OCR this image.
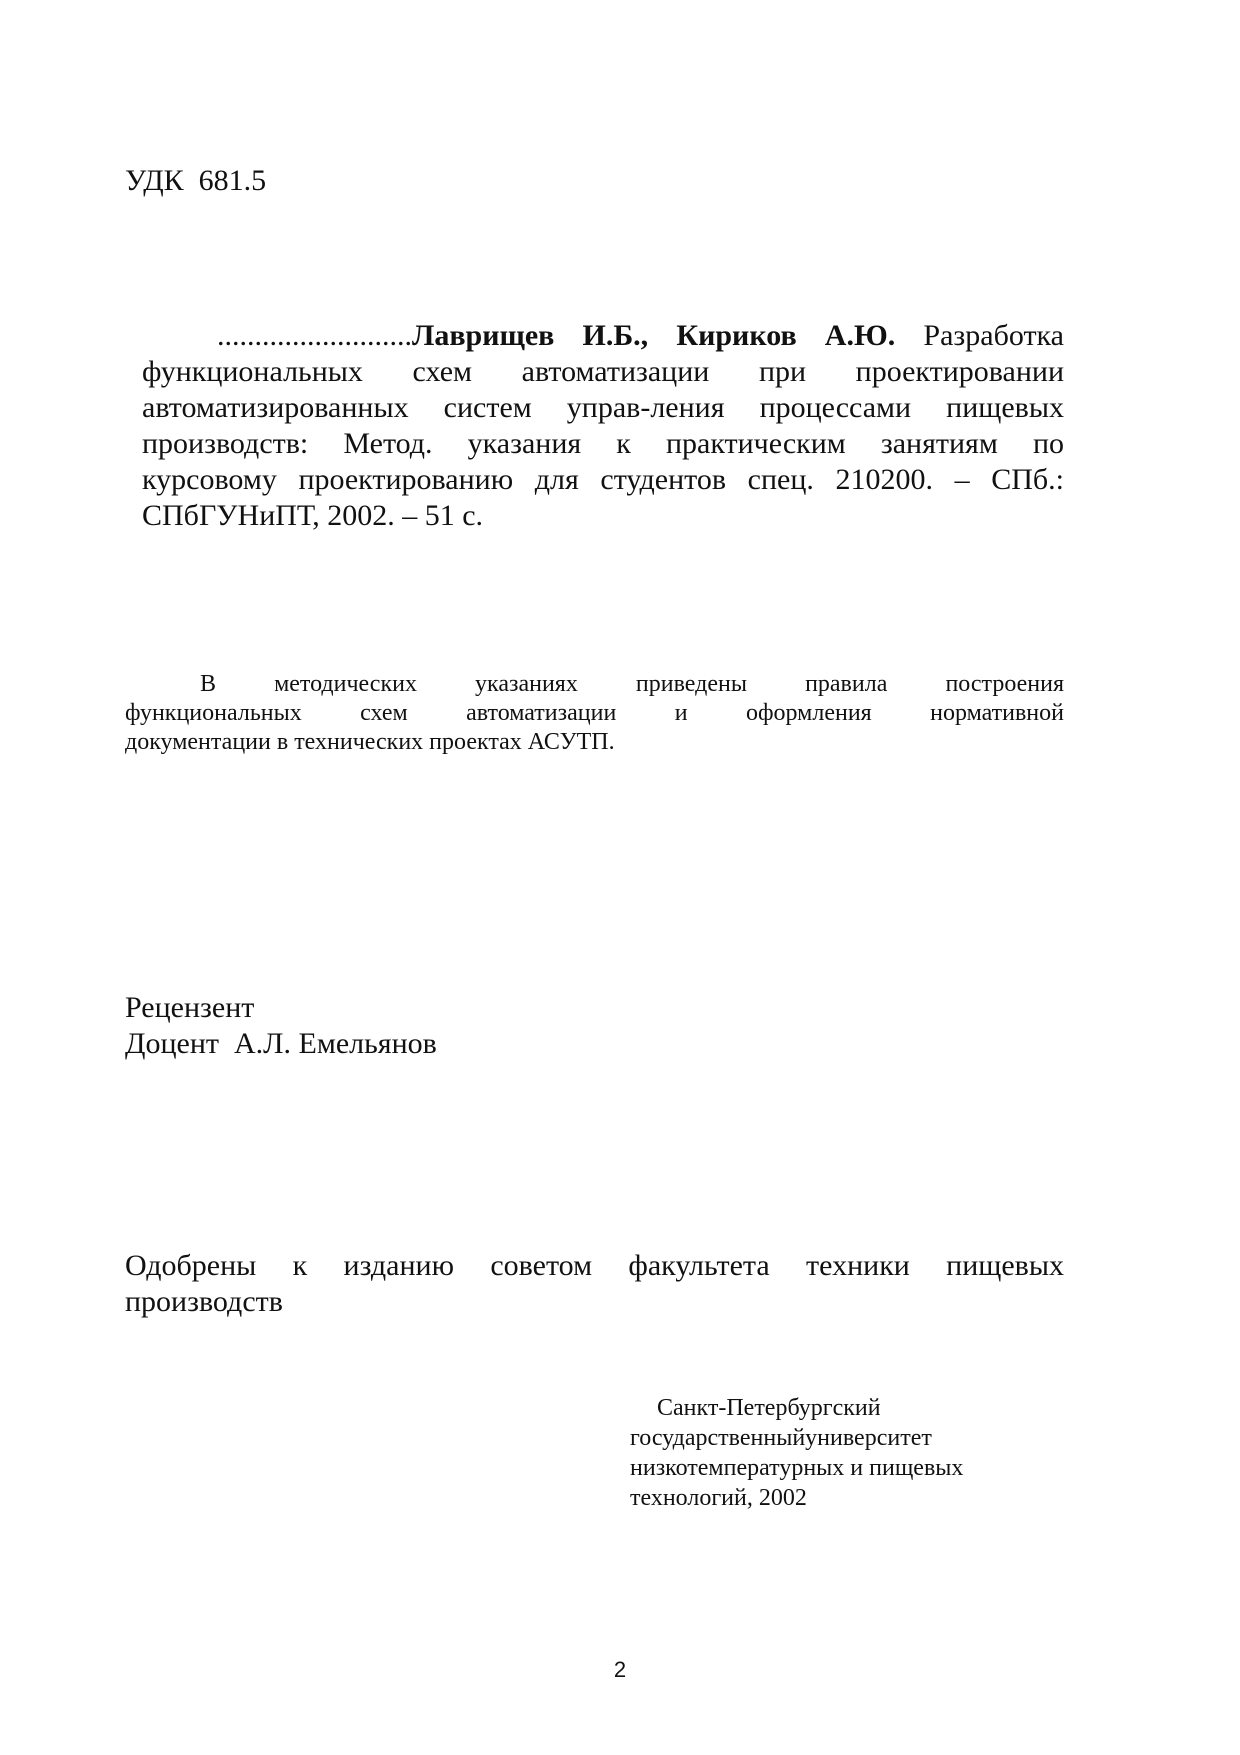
УДК  681.5
..........................Лаврищев И.Б., Кириков А.Ю. Разработка
функциональных схем автоматизации при проектировании
автоматизированных систем управ-ления процессами пищевых
производств: Метод. указания к практическим занятиям по
курсовому проектированию для студентов спец. 210200. – СПб.:
СПбГУНиПТ, 2002. – 51 с.
В методических указаниях приведены правила построения
функциональных схем автоматизации и оформления нормативной
документации в технических проектах АСУТП.
Рецензент
Доцент  А.Л. Емельянов
Одобрены к изданию советом факультета техники пищевых
производств
Санкт-Петербургский
государственныйуниверситет
низкотемпературных и пищевых
технологий, 2002
2
